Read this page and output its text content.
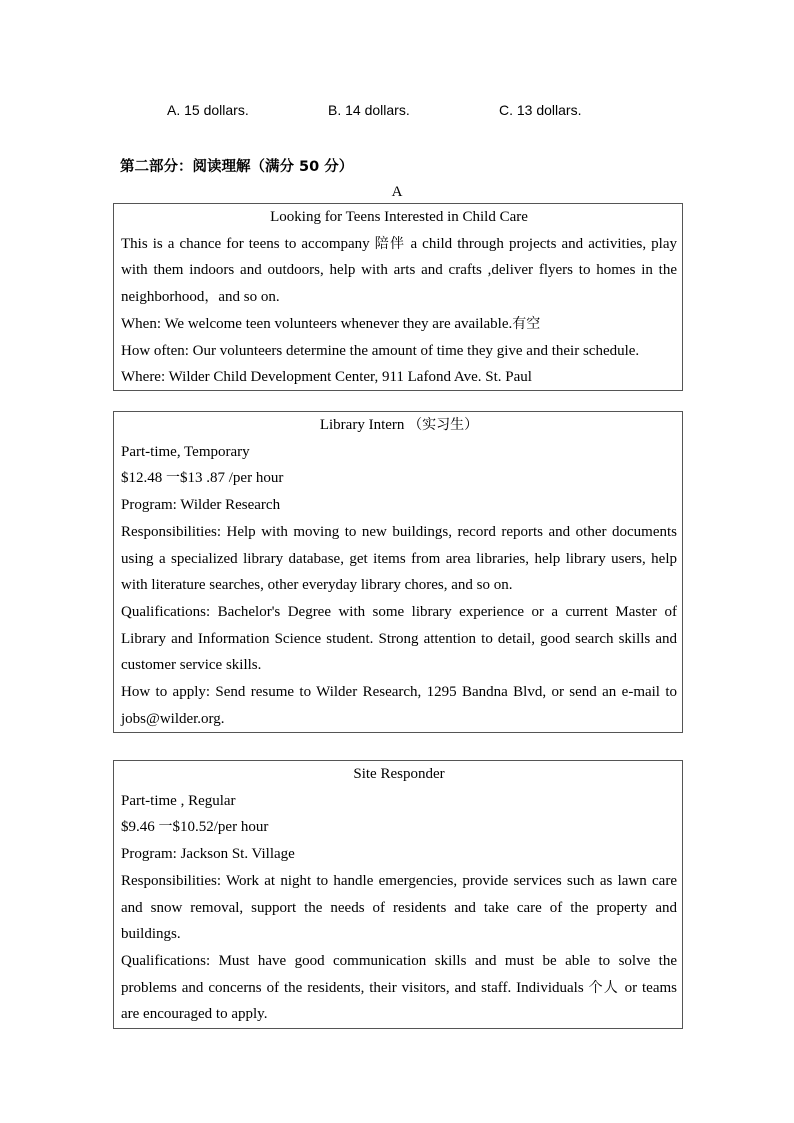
A. 15 dollars.	B. 14 dollars.	C. 13 dollars.
第二部分：阅读理解（满分 50 分）
A

Looking for Teens Interested in Child Care

This is a chance for teens to accompany 陪伴 a child through projects and activities, play with them indoors and outdoors, help with arts and crafts ,deliver flyers to homes in the neighborhood，and so on.

When: We welcome teen volunteers whenever they are available.有空

How often: Our volunteers determine the amount of time they give and their schedule.

Where: Wilder Child Development Center, 911 Lafond Ave. St. Paul

Library Intern （实习生）

Part-time, Temporary

$12.48 一$13 .87 /per hour

Program: Wilder Research

Responsibilities: Help with moving to new buildings, record reports and other documents using a specialized library database, get items from area libraries, help library users, help with literature searches, other everyday library chores, and so on.

Qualifications: Bachelor's Degree with some library experience or a current Master of Library and Information Science student. Strong attention to detail, good search skills and customer service skills.

How to apply: Send resume to Wilder Research, 1295 Bandna Blvd, or send an e-mail to jobs@wilder.org.

Site Responder

Part-time , Regular

$9.46 一$10.52/per hour

Program: Jackson St. Village

Responsibilities: Work at night to handle emergencies, provide services such as lawn care and snow removal, support the needs of residents and take care of the property and buildings.

Qualifications: Must have good communication skills and must be able to solve the problems and concerns of the residents, their visitors, and staff. Individuals 个人 or teams are encouraged to apply.
